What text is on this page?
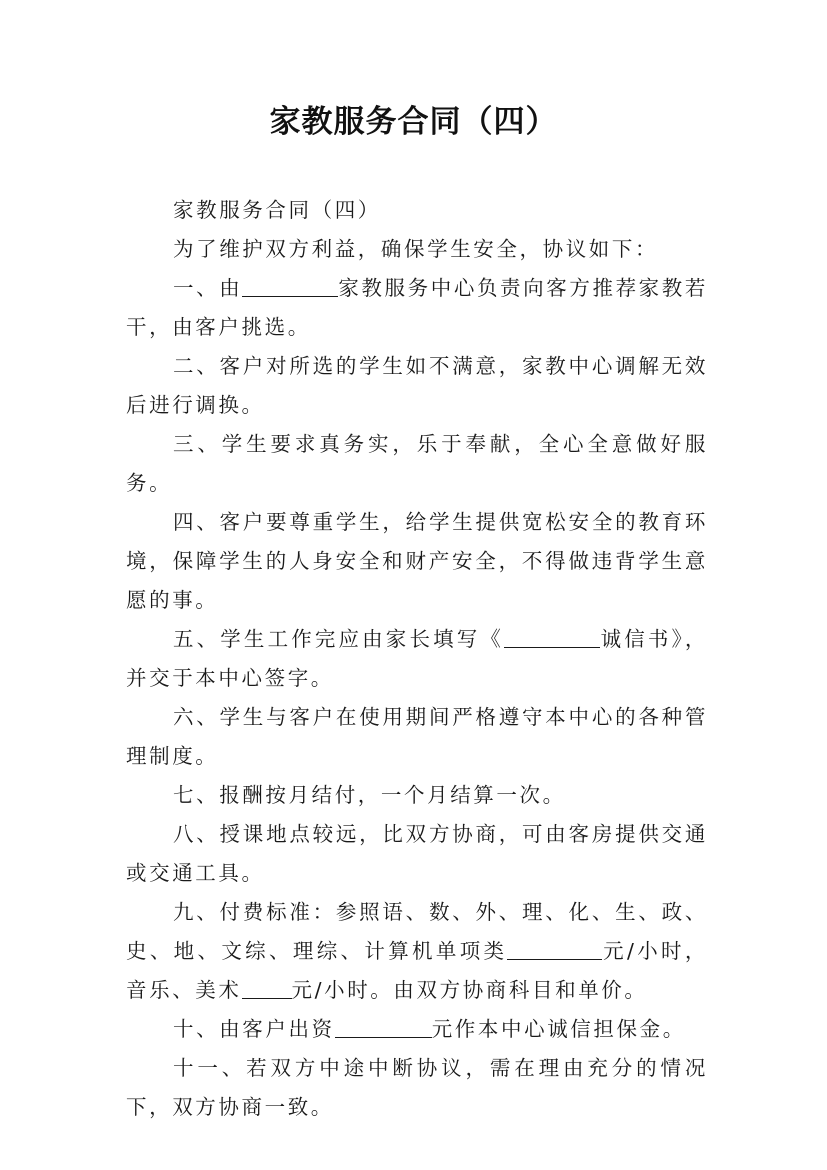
家教服务合同（四）

家教服务合同（四）

为了维护双方利益，确保学生安全，协议如下：

一、由	家教服务中心负责向客方推荐家教若干，由客户挑选。

二、客户对所选的学生如不满意，家教中心调解无效后进行调换。

三、学生要求真务实，乐于奉献，全心全意做好服务。

四、客户要尊重学生，给学生提供宽松安全的教育环境，保障学生的人身安全和财产安全，不得做违背学生意愿的事。

五、学生工作完应由家长填写《	诚信书》，并交于本中心签字。

六、学生与客户在使用期间严格遵守本中心的各种管理制度。

七、报酬按月结付，一个月结算一次。

八、授课地点较远，比双方协商，可由客房提供交通或交通工具。

九、付费标准：参照语、数、外、理、化、生、政、史、地、文综、理综、计算机单项类	元/小时，音乐、美术 元/小时。由双方协商科目和单价。

十、由客户出资	元作本中心诚信担保金。

十一、若双方中途中断协议，需在理由充分的情况下，双方协商一致。
